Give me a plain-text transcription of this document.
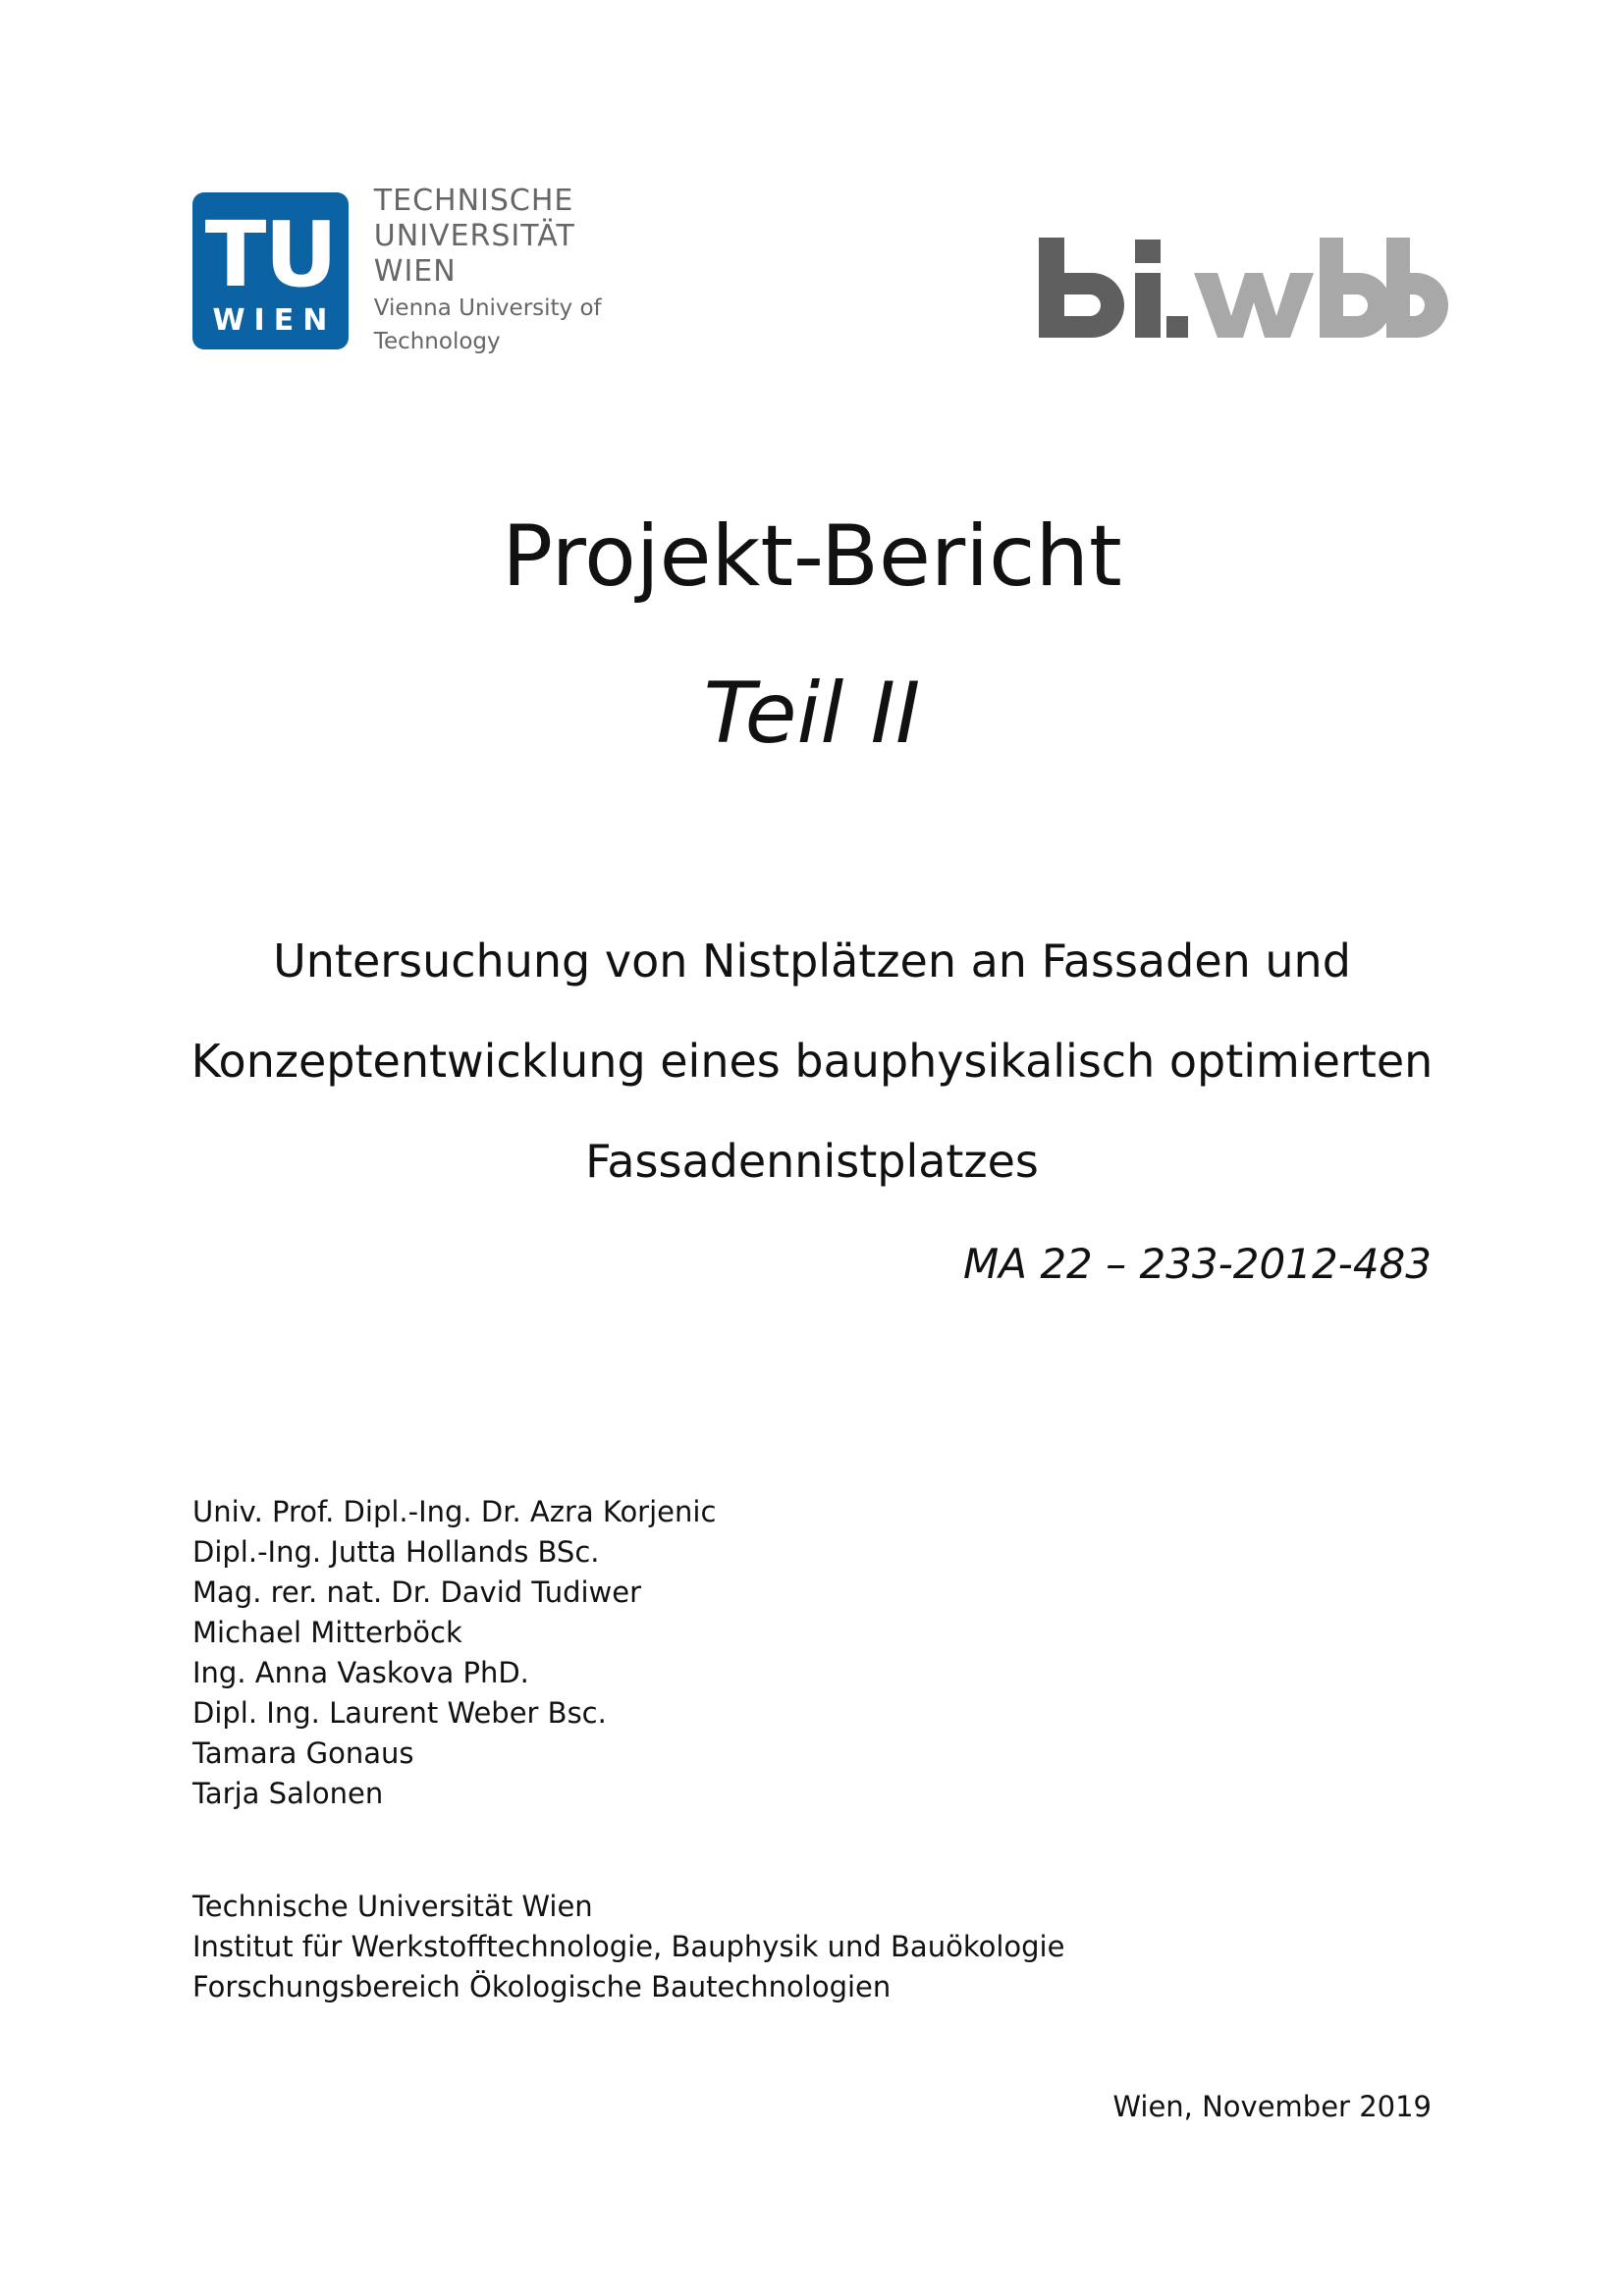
TU
WIEN
TECHNISCHE
UNIVERSITÄT
WIEN
Vienna University of Technology
Projekt-Bericht
Teil II
Untersuchung von Nistplätzen an Fassaden und
Konzeptentwicklung eines bauphysikalisch optimierten
Fassadennistplatzes
MA 22 – 233-2012-483
Univ. Prof. Dipl.-Ing. Dr. Azra Korjenic
Dipl.-Ing. Jutta Hollands BSc.
Mag. rer. nat. Dr. David Tudiwer
Michael Mitterböck
Ing. Anna Vaskova PhD.
Dipl. Ing. Laurent Weber Bsc.
Tamara Gonaus
Tarja Salonen
Technische Universität Wien
Institut für Werkstofftechnologie, Bauphysik und Bauökologie
Forschungsbereich Ökologische Bautechnologien
Wien, November 2019
